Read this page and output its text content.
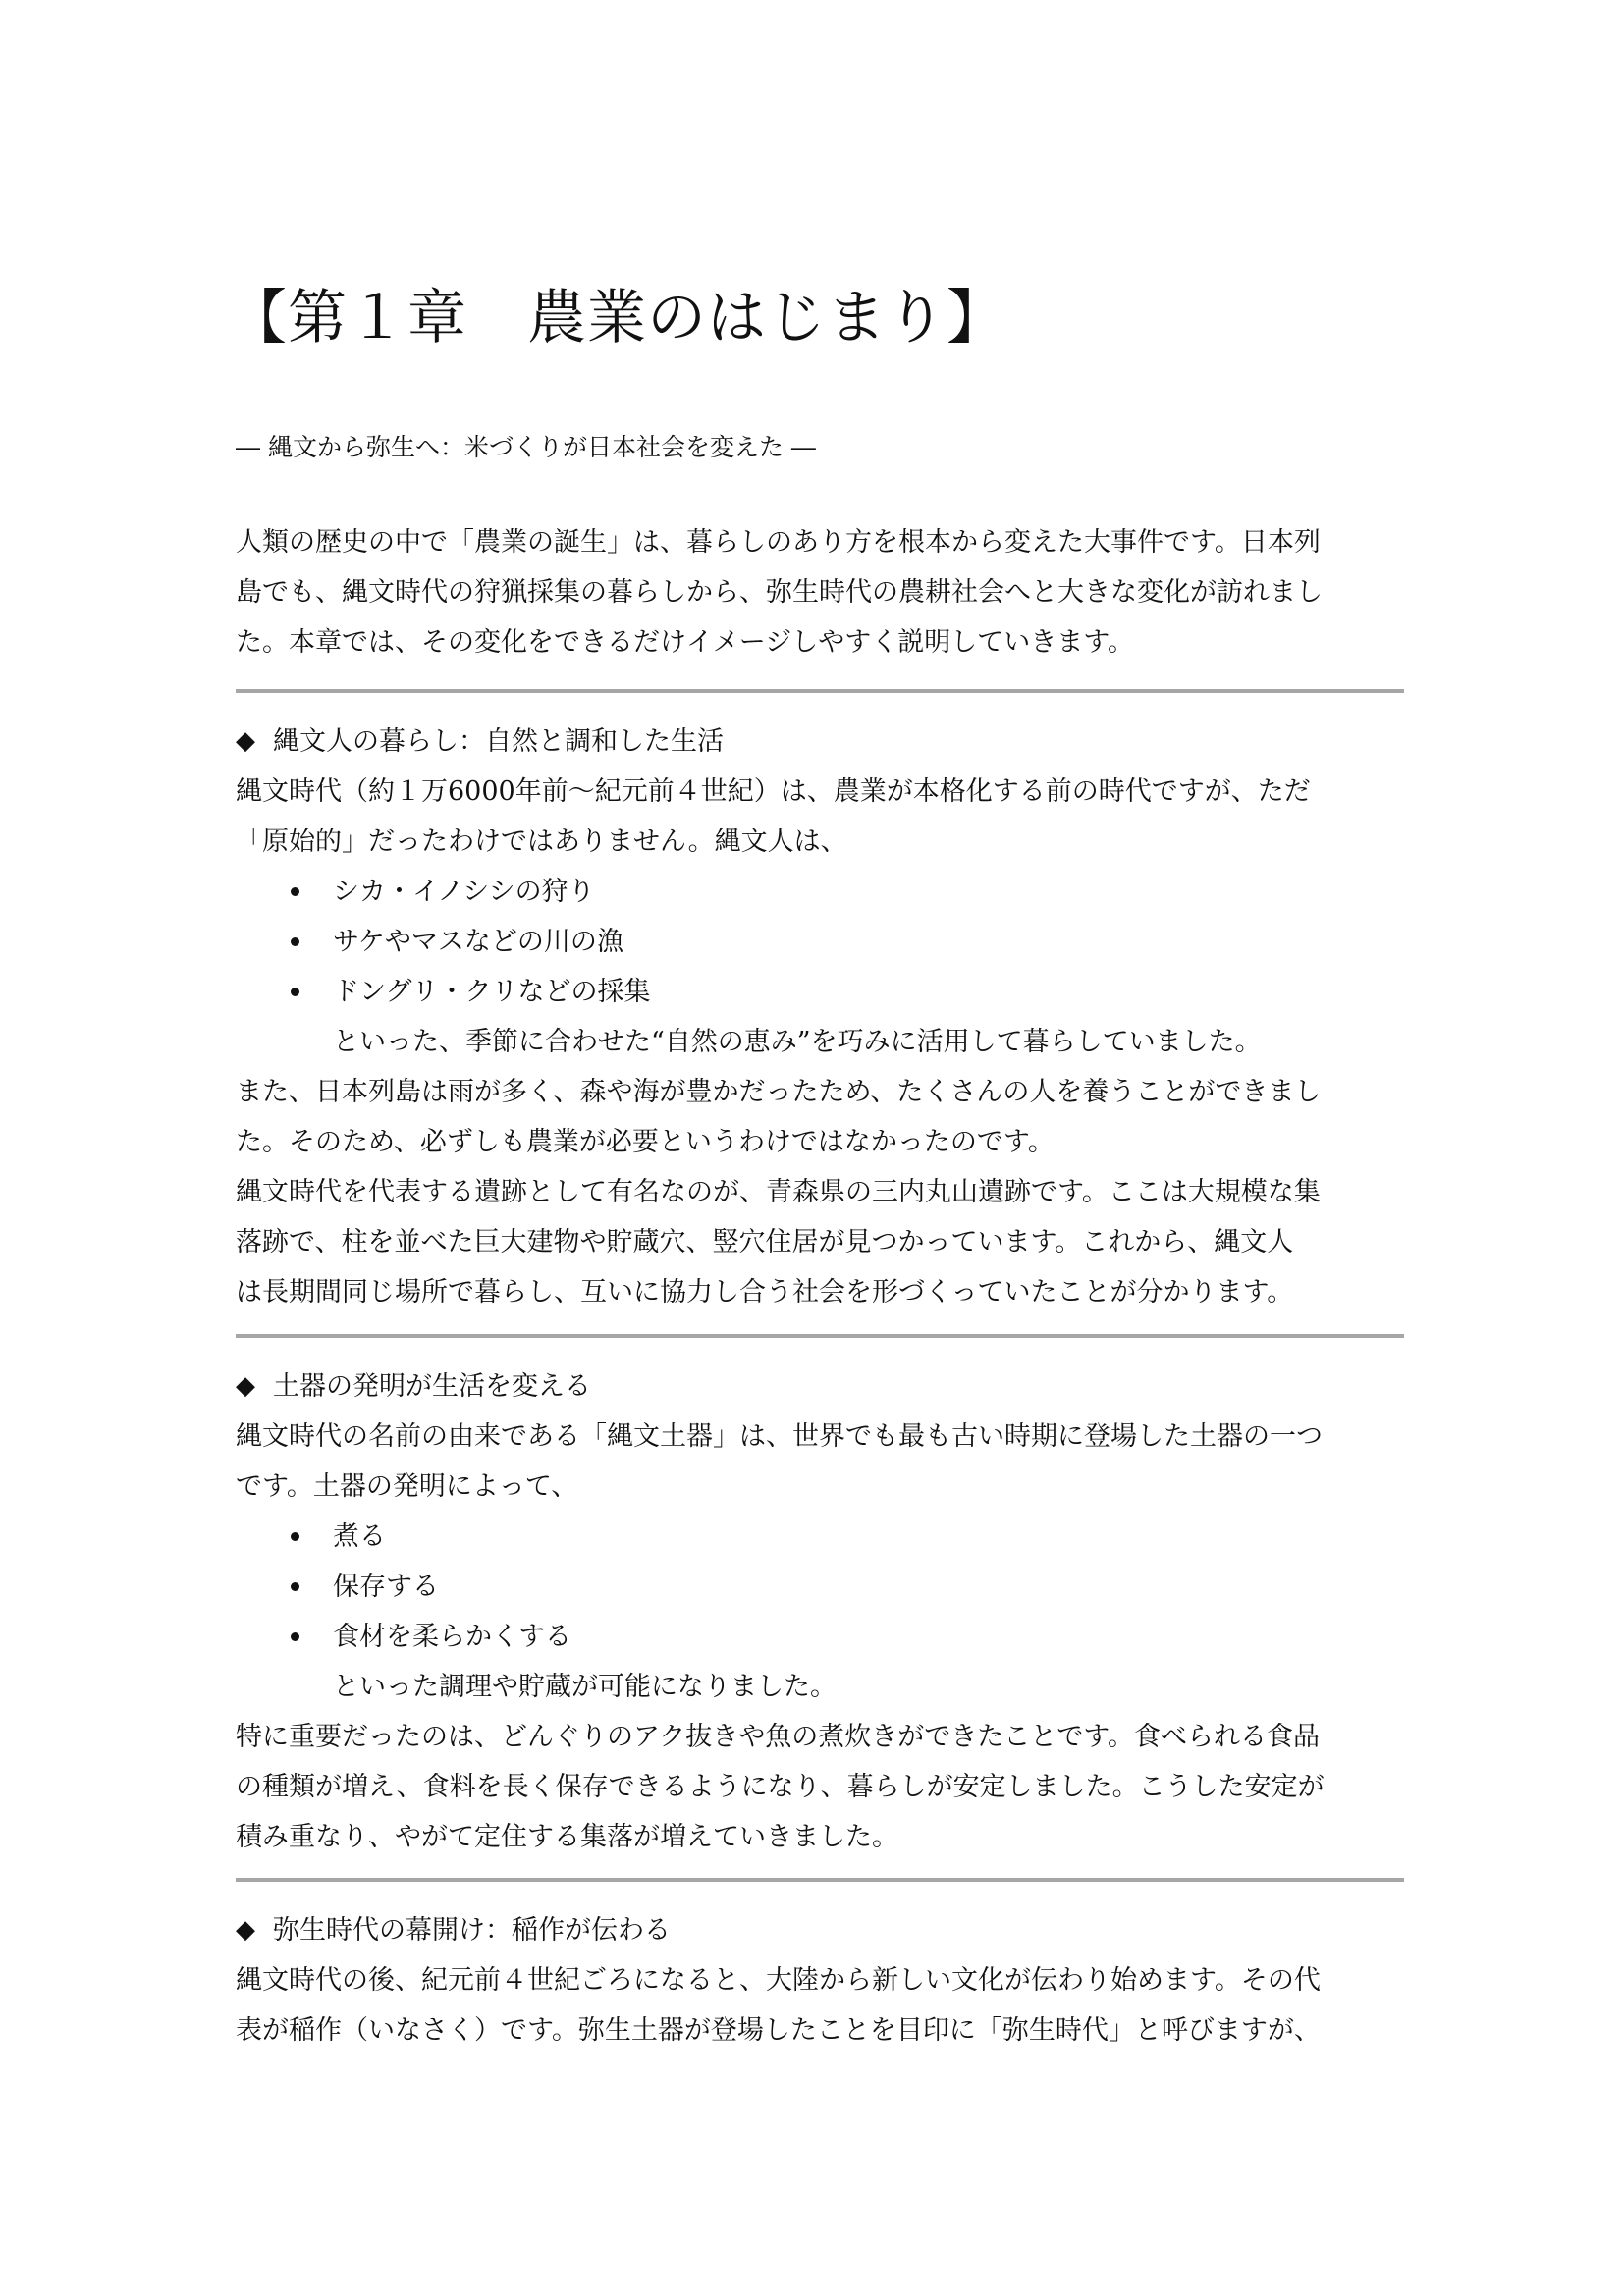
【第１章　農業のはじまり】
― 縄文から弥生へ：米づくりが日本社会を変えた ―
人類の歴史の中で「農業の誕生」は、暮らしのあり方を根本から変えた大事件です。日本列
島でも、縄文時代の狩猟採集の暮らしから、弥生時代の農耕社会へと大きな変化が訪れまし
た。本章では、その変化をできるだけイメージしやすく説明していきます。
◆ 縄文人の暮らし：自然と調和した生活
縄文時代（約１万6000年前～紀元前４世紀）は、農業が本格化する前の時代ですが、ただ
「原始的」だったわけではありません。縄文人は、
シカ・イノシシの狩り
サケやマスなどの川の漁
ドングリ・クリなどの採集
といった、季節に合わせた“自然の恵み”を巧みに活用して暮らしていました。
また、日本列島は雨が多く、森や海が豊かだったため、たくさんの人を養うことができまし
た。そのため、必ずしも農業が必要というわけではなかったのです。
縄文時代を代表する遺跡として有名なのが、青森県の三内丸山遺跡です。ここは大規模な集
落跡で、柱を並べた巨大建物や貯蔵穴、竪穴住居が見つかっています。これから、縄文人
は長期間同じ場所で暮らし、互いに協力し合う社会を形づくっていたことが分かります。
◆ 土器の発明が生活を変える
縄文時代の名前の由来である「縄文土器」は、世界でも最も古い時期に登場した土器の一つ
です。土器の発明によって、
煮る
保存する
食材を柔らかくする
といった調理や貯蔵が可能になりました。
特に重要だったのは、どんぐりのアク抜きや魚の煮炊きができたことです。食べられる食品
の種類が増え、食料を長く保存できるようになり、暮らしが安定しました。こうした安定が
積み重なり、やがて定住する集落が増えていきました。
◆ 弥生時代の幕開け：稲作が伝わる
縄文時代の後、紀元前４世紀ごろになると、大陸から新しい文化が伝わり始めます。その代
表が稲作（いなさく）です。弥生土器が登場したことを目印に「弥生時代」と呼びますが、
